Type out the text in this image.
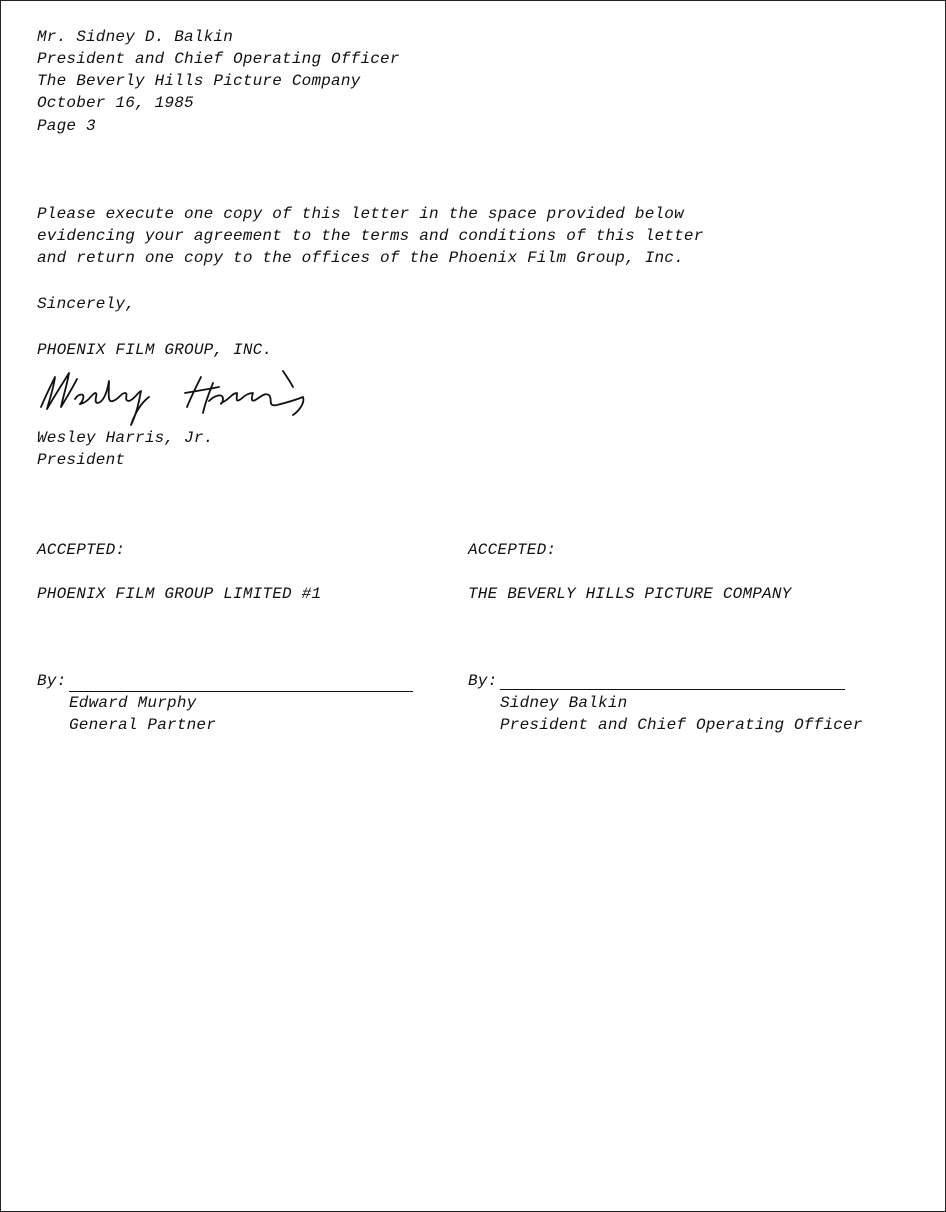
Mr. Sidney D. Balkin
President and Chief Operating Officer
The Beverly Hills Picture Company
October 16, 1985
Page 3
Please execute one copy of this letter in the space provided below
evidencing your agreement to the terms and conditions of this letter
and return one copy to the offices of the Phoenix Film Group, Inc.
Sincerely,
PHOENIX FILM GROUP, INC.
Wesley Harris, Jr.
President
ACCEPTED:
PHOENIX FILM GROUP LIMITED #1
By:
Edward Murphy
General Partner
ACCEPTED:
THE BEVERLY HILLS PICTURE COMPANY
By:
Sidney Balkin
President and Chief Operating Officer
